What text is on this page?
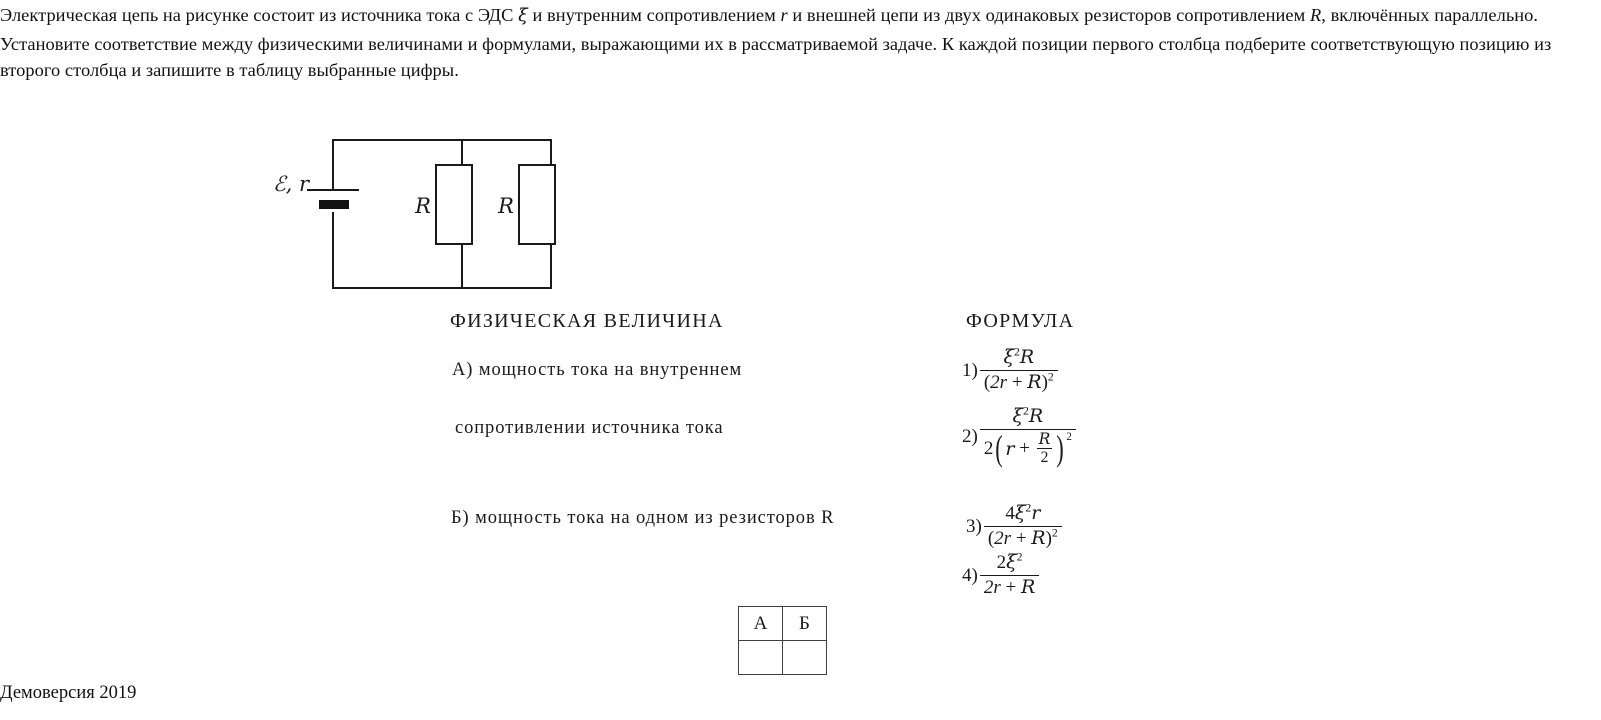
Электрическая цепь на рисунке состоит из источника тока с ЭДС ξ и внутренним сопротивлением r и внешней цепи из двух одинаковых резисторов сопротивлением R, включённых параллельно.

Установите соответствие между физическими величинами и формулами, выражающими их в рассматриваемой задаче. К каждой позиции первого столбца подберите соответствующую позицию из второго столбца и запишите в таблицу выбранные цифры.

ℰ, r
R	R
ФИЗИЧЕСКАЯ ВЕЛИЧИНА	ФОРМУЛА
А) мощность тока на внутреннем
сопротивлении источника тока
Б) мощность тока на одном из резисторов R
$1) \frac{\xi^2R}{(2r + R)^2}$
2)
$\xi^2R$
2 ( r
+
$\frac{R}{2}$ ) 2
$3) \frac{4\xi^2r}{(2r + R)^2}$
$4) \frac{2\xi^2}{2r + R}$
А	Б

Демоверсия 2019
